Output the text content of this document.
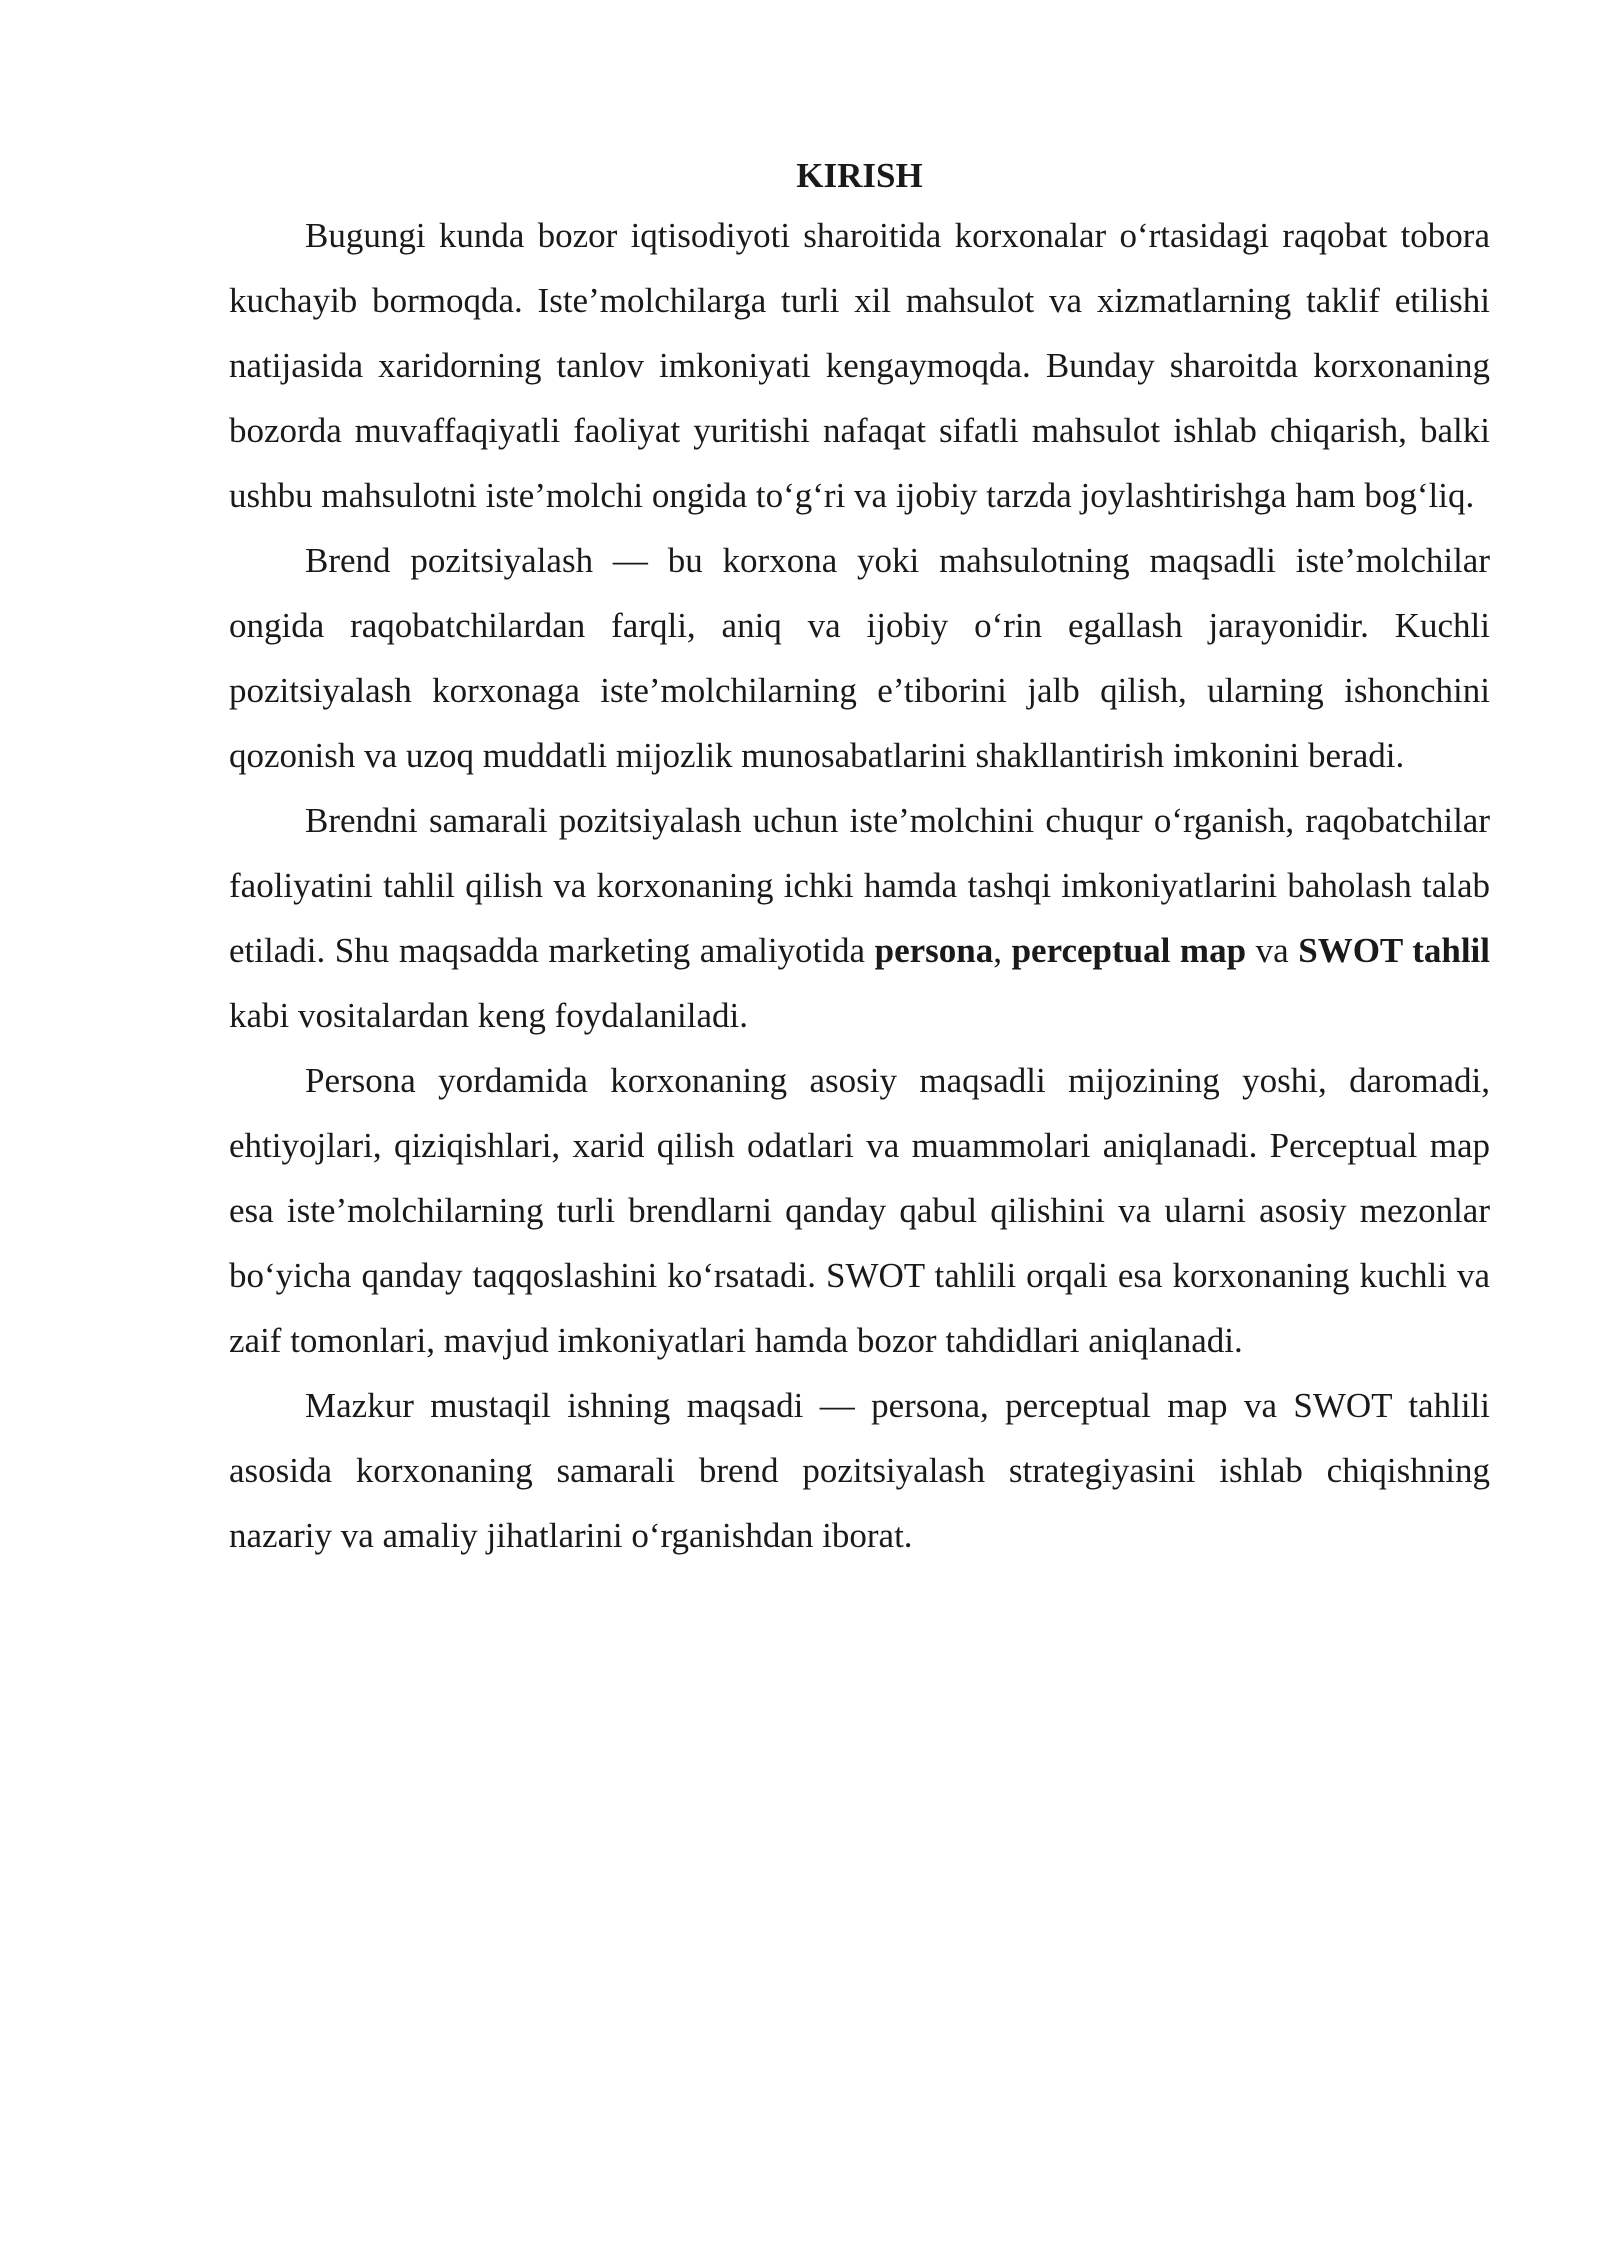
KIRISH

Bugungi kunda bozor iqtisodiyoti sharoitida korxonalar o‘rtasidagi raqobat tobora kuchayib bormoqda. Iste’molchilarga turli xil mahsulot va xizmatlarning taklif etilishi natijasida xaridorning tanlov imkoniyati kengaymoqda. Bunday sharoitda korxonaning bozorda muvaffaqiyatli faoliyat yuritishi nafaqat sifatli mahsulot ishlab chiqarish, balki ushbu mahsulotni iste’molchi ongida to‘g‘ri va ijobiy tarzda joylashtirishga ham bog‘liq.

Brend pozitsiyalash — bu korxona yoki mahsulotning maqsadli iste’molchilar ongida raqobatchilardan farqli, aniq va ijobiy o‘rin egallash jarayonidir. Kuchli pozitsiyalash korxonaga iste’molchilarning e’tiborini jalb qilish, ularning ishonchini qozonish va uzoq muddatli mijozlik munosabatlarini shakllantirish imkonini beradi.

Brendni samarali pozitsiyalash uchun iste’molchini chuqur o‘rganish, raqobatchilar faoliyatini tahlil qilish va korxonaning ichki hamda tashqi imkoniyatlarini baholash talab etiladi. Shu maqsadda marketing amaliyotida persona, perceptual map va SWOT tahlil kabi vositalardan keng foydalaniladi.

Persona yordamida korxonaning asosiy maqsadli mijozining yoshi, daromadi, ehtiyojlari, qiziqishlari, xarid qilish odatlari va muammolari aniqlanadi. Perceptual map esa iste’molchilarning turli brendlarni qanday qabul qilishini va ularni asosiy mezonlar bo‘yicha qanday taqqoslashini ko‘rsatadi. SWOT tahlili orqali esa korxonaning kuchli va zaif tomonlari, mavjud imkoniyatlari hamda bozor tahdidlari aniqlanadi.

Mazkur mustaqil ishning maqsadi — persona, perceptual map va SWOT tahlili asosida korxonaning samarali brend pozitsiyalash strategiyasini ishlab chiqishning nazariy va amaliy jihatlarini o‘rganishdan iborat.
